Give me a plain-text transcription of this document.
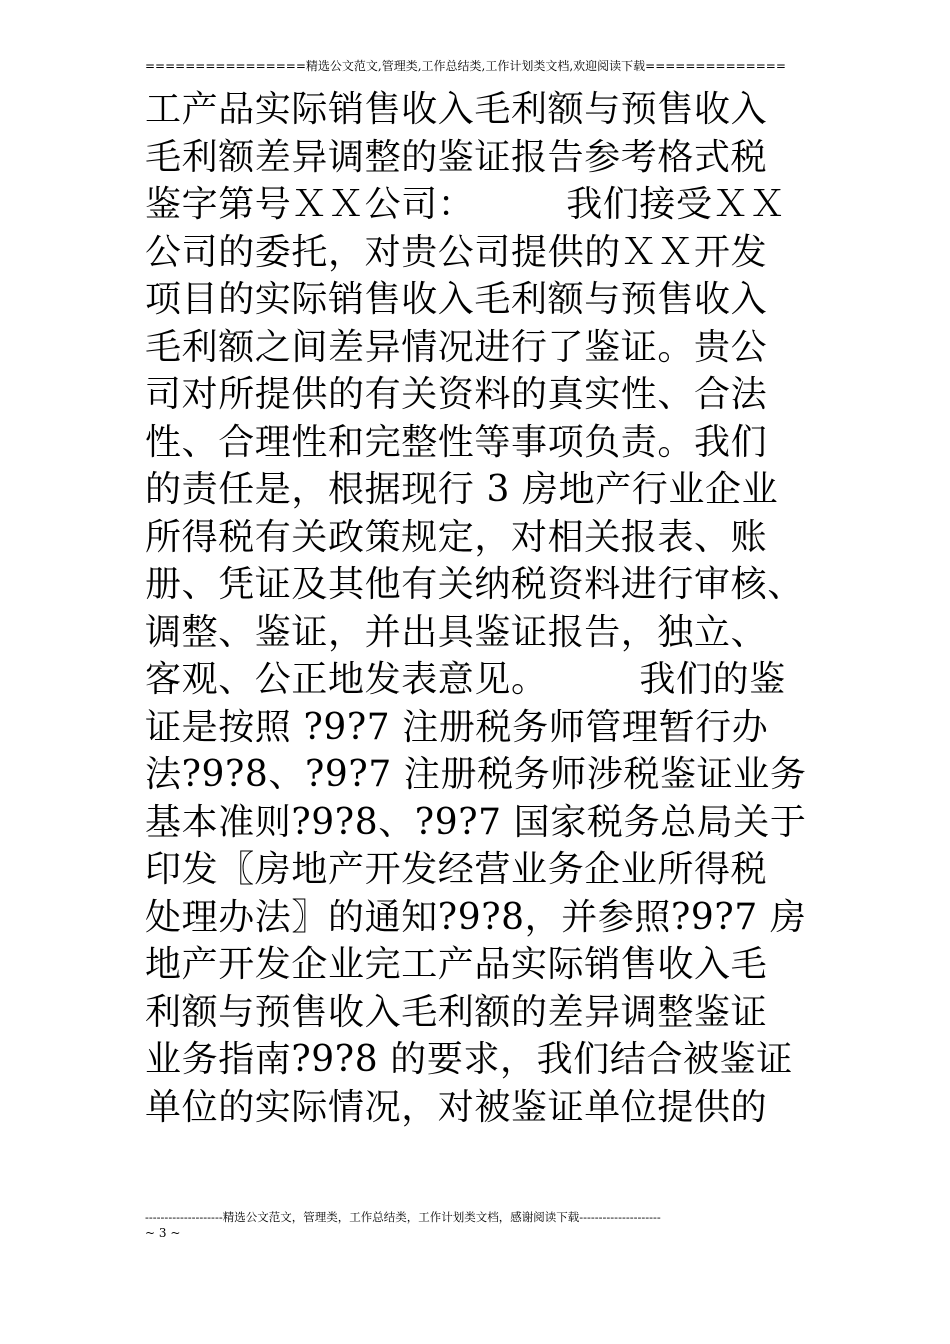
================精选公文范文,管理类,工作总结类,工作计划类文档,欢迎阅读下载==============
工产品实际销售收入毛利额与预售收入
毛利额差异调整的鉴证报告参考格式税
鉴字第号ＸＸ公司：　　　我们接受ＸＸ
公司的委托，对贵公司提供的ＸＸ开发
项目的实际销售收入毛利额与预售收入
毛利额之间差异情况进行了鉴证。贵公
司对所提供的有关资料的真实性、合法
性、合理性和完整性等事项负责。我们
的责任是，根据现行 3 房地产行业企业
所得税有关政策规定，对相关报表、账
册、凭证及其他有关纳税资料进行审核、
调整、鉴证，并出具鉴证报告，独立、
客观、公正地发表意见。　　　我们的鉴
证是按照 ?9?7 注册税务师管理暂行办
法?9?8、?9?7 注册税务师涉税鉴证业务
基本准则?9?8、?9?7 国家税务总局关于
印发〖房地产开发经营业务企业所得税
处理办法〗的通知?9?8，并参照?9?7 房
地产开发企业完工产品实际销售收入毛
利额与预售收入毛利额的差异调整鉴证
业务指南?9?8 的要求，我们结合被鉴证
单位的实际情况，对被鉴证单位提供的
--------------------精选公文范文，管理类，工作总结类，工作计划类文档，感谢阅读下载---------------------
~ 3 ~
